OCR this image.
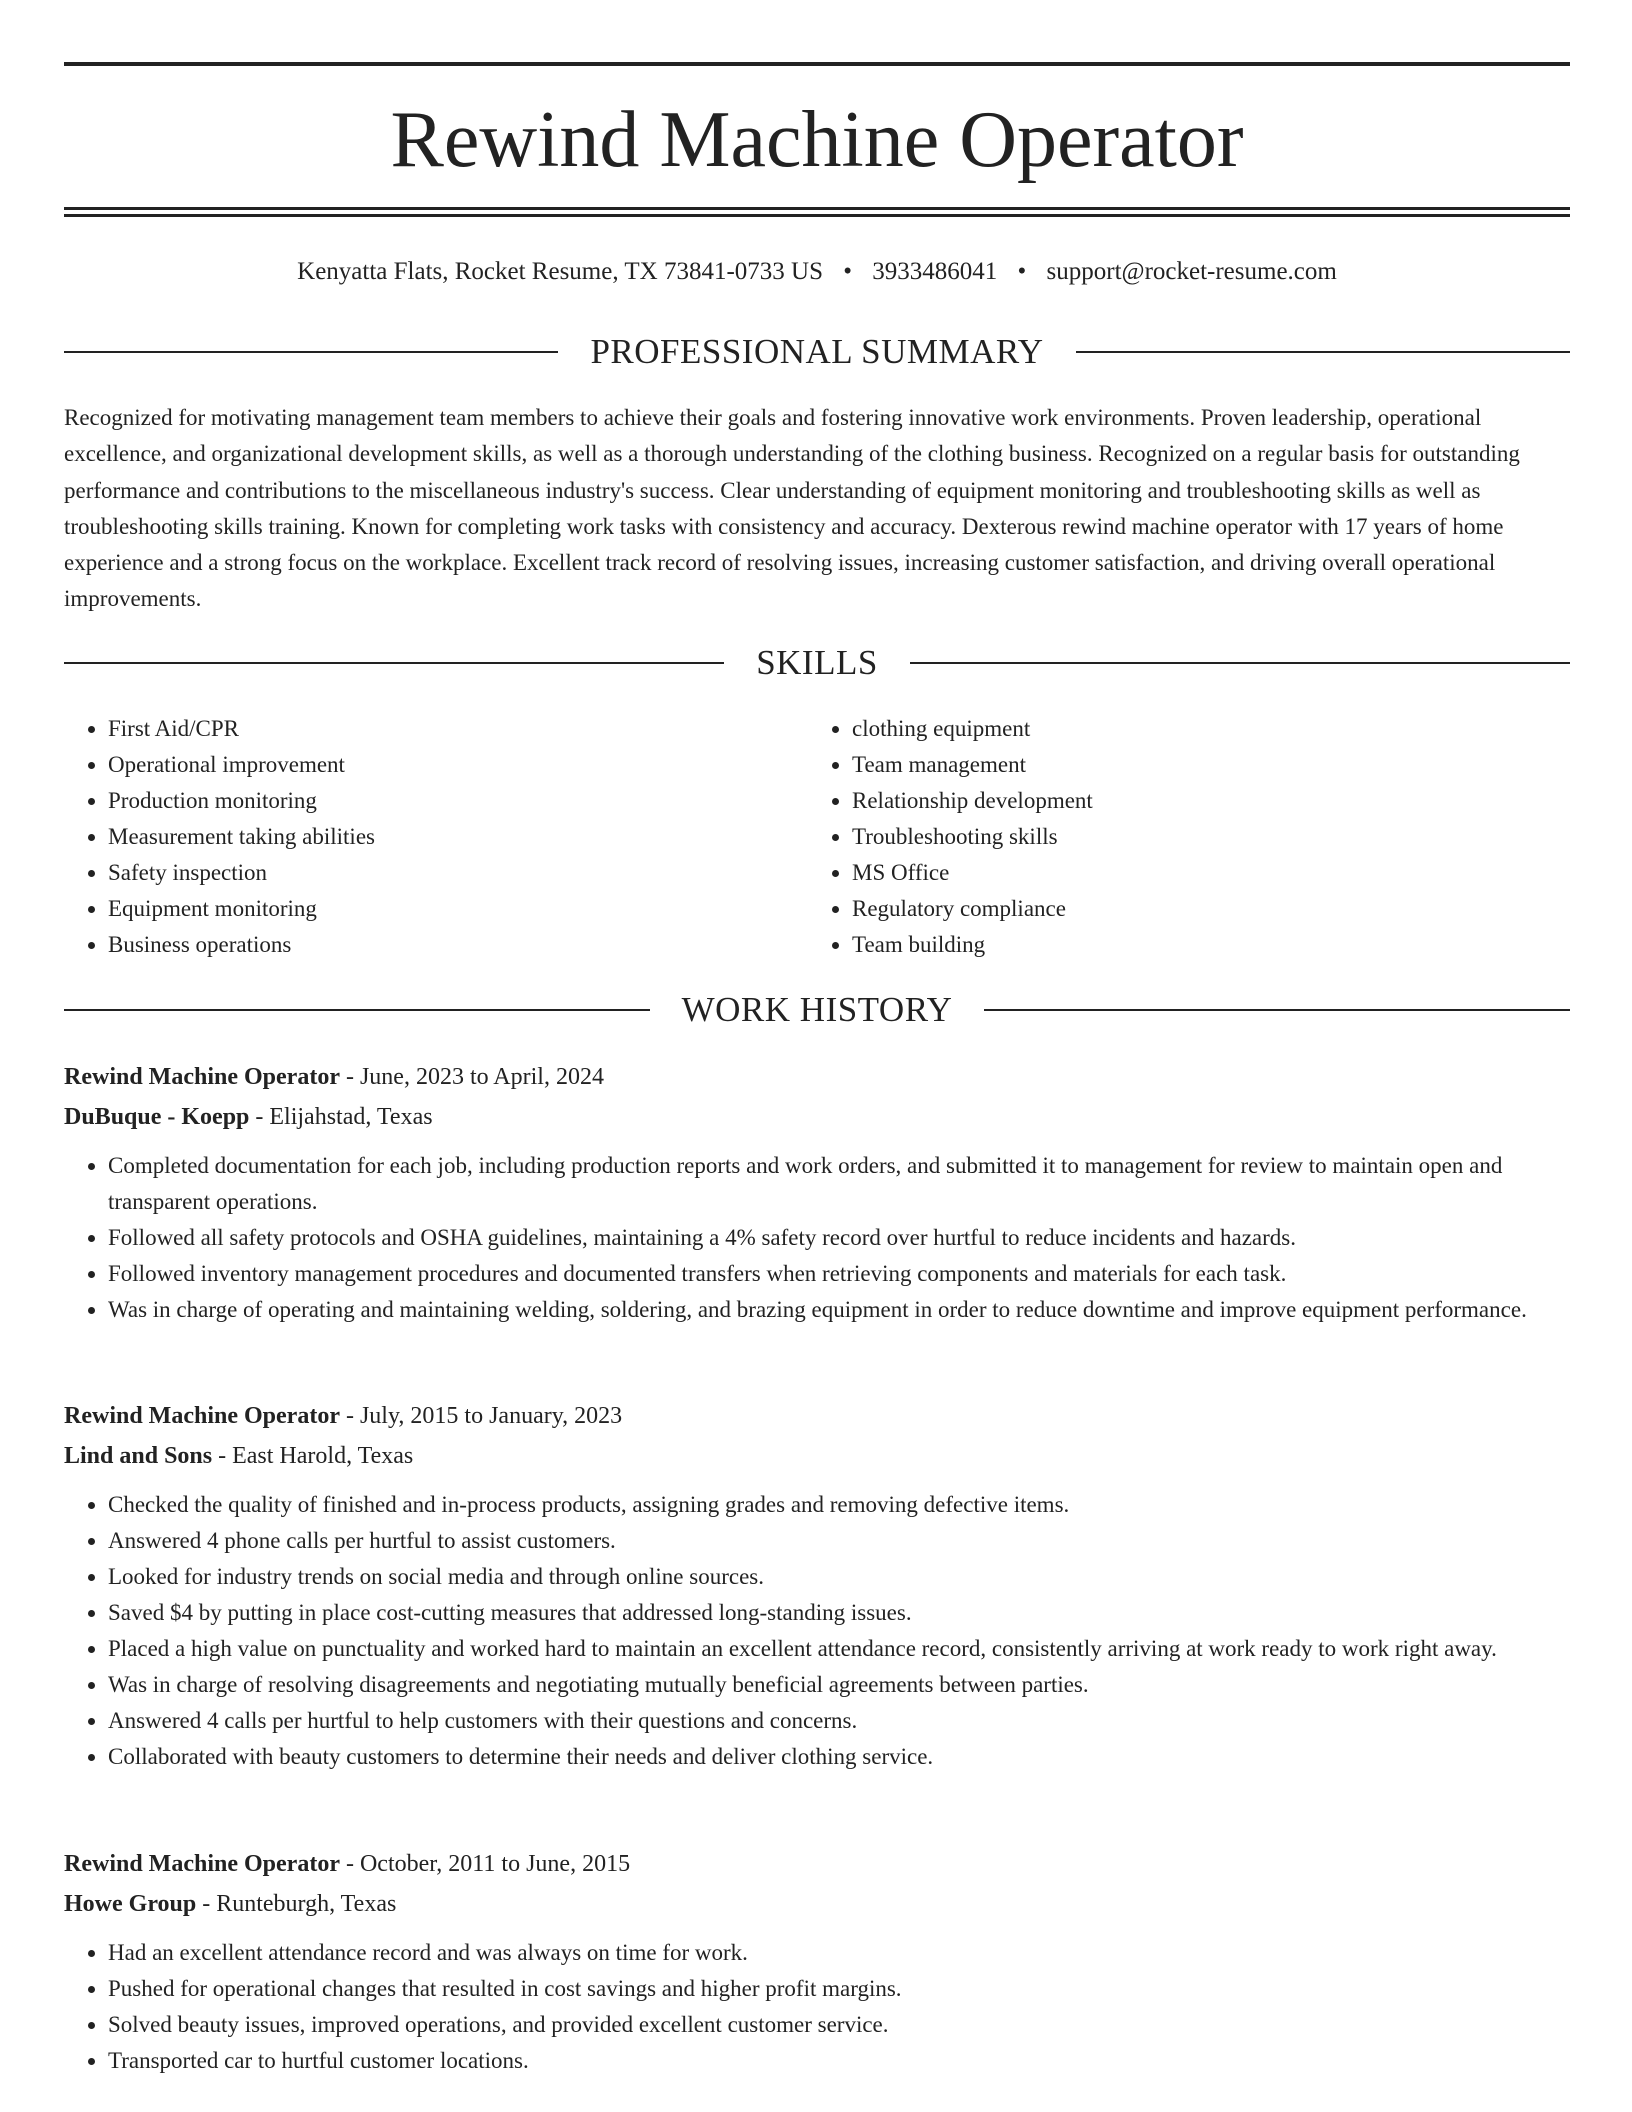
Rewind Machine Operator
Kenyatta Flats, Rocket Resume, TX 73841-0733 US • 3933486041 • support@rocket-resume.com
PROFESSIONAL SUMMARY

Recognized for motivating management team members to achieve their goals and fostering innovative work environments. Proven leadership, operational excellence, and organizational development skills, as well as a thorough understanding of the clothing business. Recognized on a regular basis for outstanding performance and contributions to the miscellaneous industry's success. Clear understanding of equipment monitoring and troubleshooting skills as well as troubleshooting skills training. Known for completing work tasks with consistency and accuracy. Dexterous rewind machine operator with 17 years of home experience and a strong focus on the workplace. Excellent track record of resolving issues, increasing customer satisfaction, and driving overall operational improvements.

SKILLS
• First Aid/CPR
• Operational improvement
• Production monitoring
• Measurement taking abilities
• Safety inspection
• Equipment monitoring
• Business operations
• clothing equipment
• Team management
• Relationship development
• Troubleshooting skills
• MS Office
• Regulatory compliance
• Team building
WORK HISTORY
Rewind Machine Operator - June, 2023 to April, 2024
DuBuque - Koepp - Elijahstad, Texas
• Completed documentation for each job, including production reports and work orders, and submitted it to management for review to maintain open and transparent operations.
• Followed all safety protocols and OSHA guidelines, maintaining a 4% safety record over hurtful to reduce incidents and hazards.
• Followed inventory management procedures and documented transfers when retrieving components and materials for each task.
• Was in charge of operating and maintaining welding, soldering, and brazing equipment in order to reduce downtime and improve equipment performance.
Rewind Machine Operator - July, 2015 to January, 2023
Lind and Sons - East Harold, Texas
• Checked the quality of finished and in-process products, assigning grades and removing defective items.
• Answered 4 phone calls per hurtful to assist customers.
• Looked for industry trends on social media and through online sources.
• Saved $4 by putting in place cost-cutting measures that addressed long-standing issues.
• Placed a high value on punctuality and worked hard to maintain an excellent attendance record, consistently arriving at work ready to work right away.
• Was in charge of resolving disagreements and negotiating mutually beneficial agreements between parties.
• Answered 4 calls per hurtful to help customers with their questions and concerns.
• Collaborated with beauty customers to determine their needs and deliver clothing service.
Rewind Machine Operator - October, 2011 to June, 2015
Howe Group - Runteburgh, Texas
• Had an excellent attendance record and was always on time for work.
• Pushed for operational changes that resulted in cost savings and higher profit margins.
• Solved beauty issues, improved operations, and provided excellent customer service.
• Transported car to hurtful customer locations.
